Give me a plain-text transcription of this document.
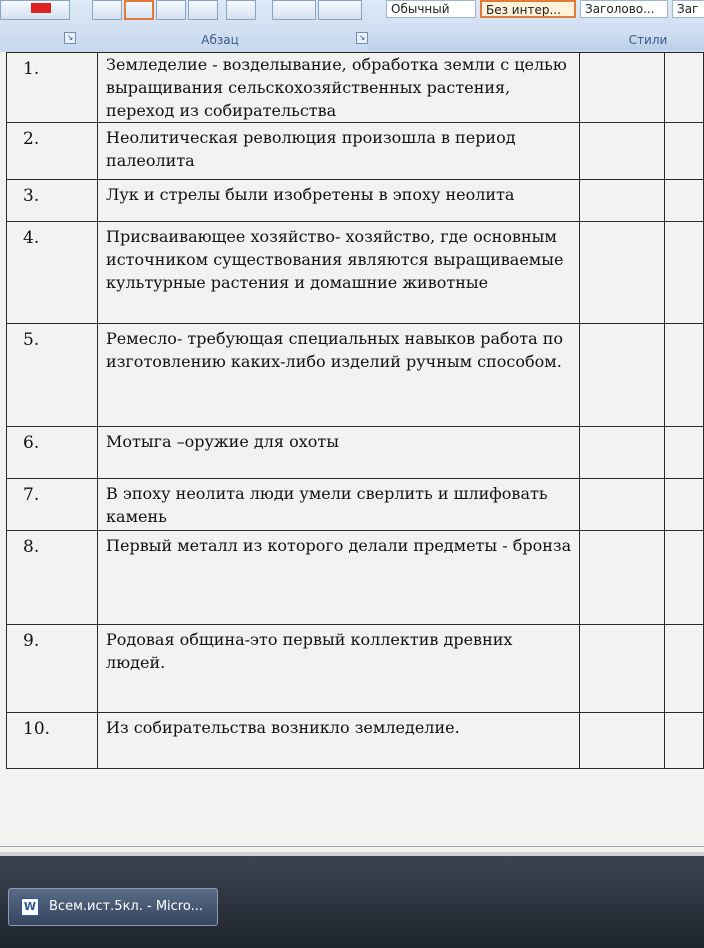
Абзац
↘	↘
Обычный	Без интер...	Заголово...	Заг
Стили
1.	Земледелие - возделывание, обработка земли с целью выращивания сельскохозяйственных растения, переход из собирательства		
2.	Неолитическая революция произошла в период палеолита		
3.	Лук и стрелы были изобретены в эпоху неолита		
4.	Присваивающее хозяйство- хозяйство, где основным источником существования являются выращиваемые культурные растения и домашние животные		
5.	Ремесло- требующая специальных навыков работа по изготовлению каких-либо изделий ручным способом.		
6.	Мотыга –оружие для охоты		
7.	В эпоху неолита люди умели сверлить и шлифовать камень		
8.	Первый металл из которого делали предметы - бронза		
9.	Родовая община-это первый коллектив древних людей.		
10.	Из собирательства возникло земледелие.		
W Всем.ист.5кл. - Micro...
